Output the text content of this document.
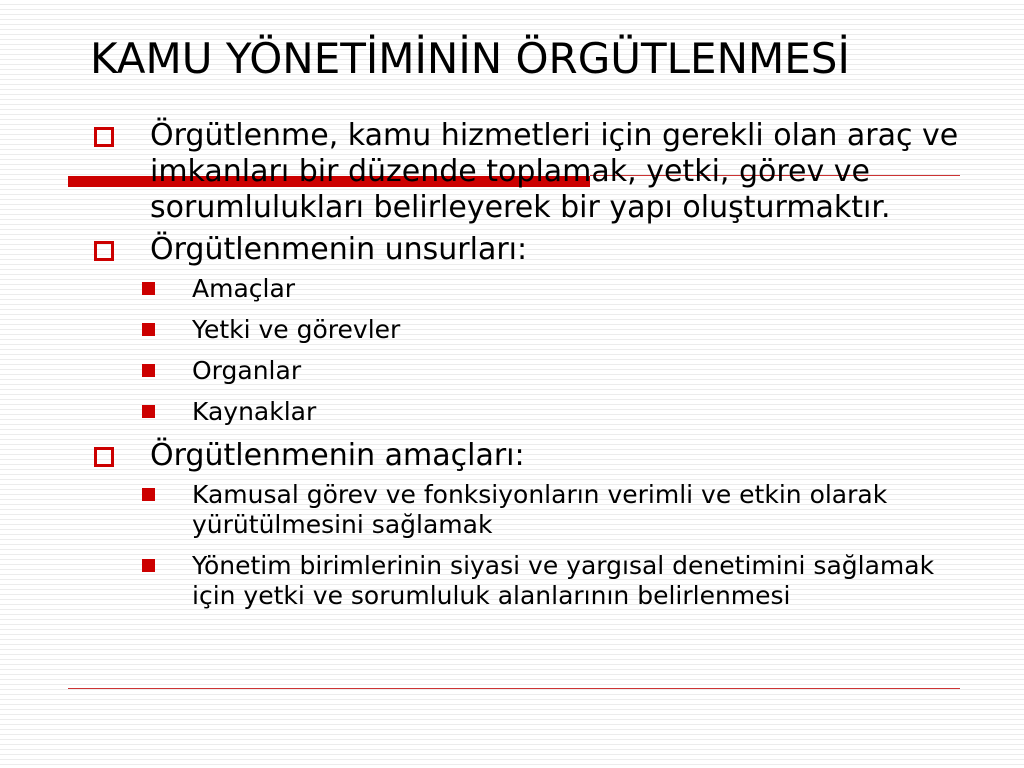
KAMU YÖNETİMİNİN ÖRGÜTLENMESİ
Örgütlenme, kamu hizmetleri için gerekli olan araç ve imkanları bir düzende toplamak, yetki, görev ve sorumlulukları belirleyerek bir yapı oluşturmaktır.
Örgütlenmenin unsurları:
Amaçlar
Yetki ve görevler
Organlar
Kaynaklar
Örgütlenmenin amaçları:
Kamusal görev ve fonksiyonların verimli ve etkin olarak yürütülmesini sağlamak
Yönetim birimlerinin siyasi ve yargısal denetimini sağlamak için yetki ve sorumluluk alanlarının belirlenmesi
